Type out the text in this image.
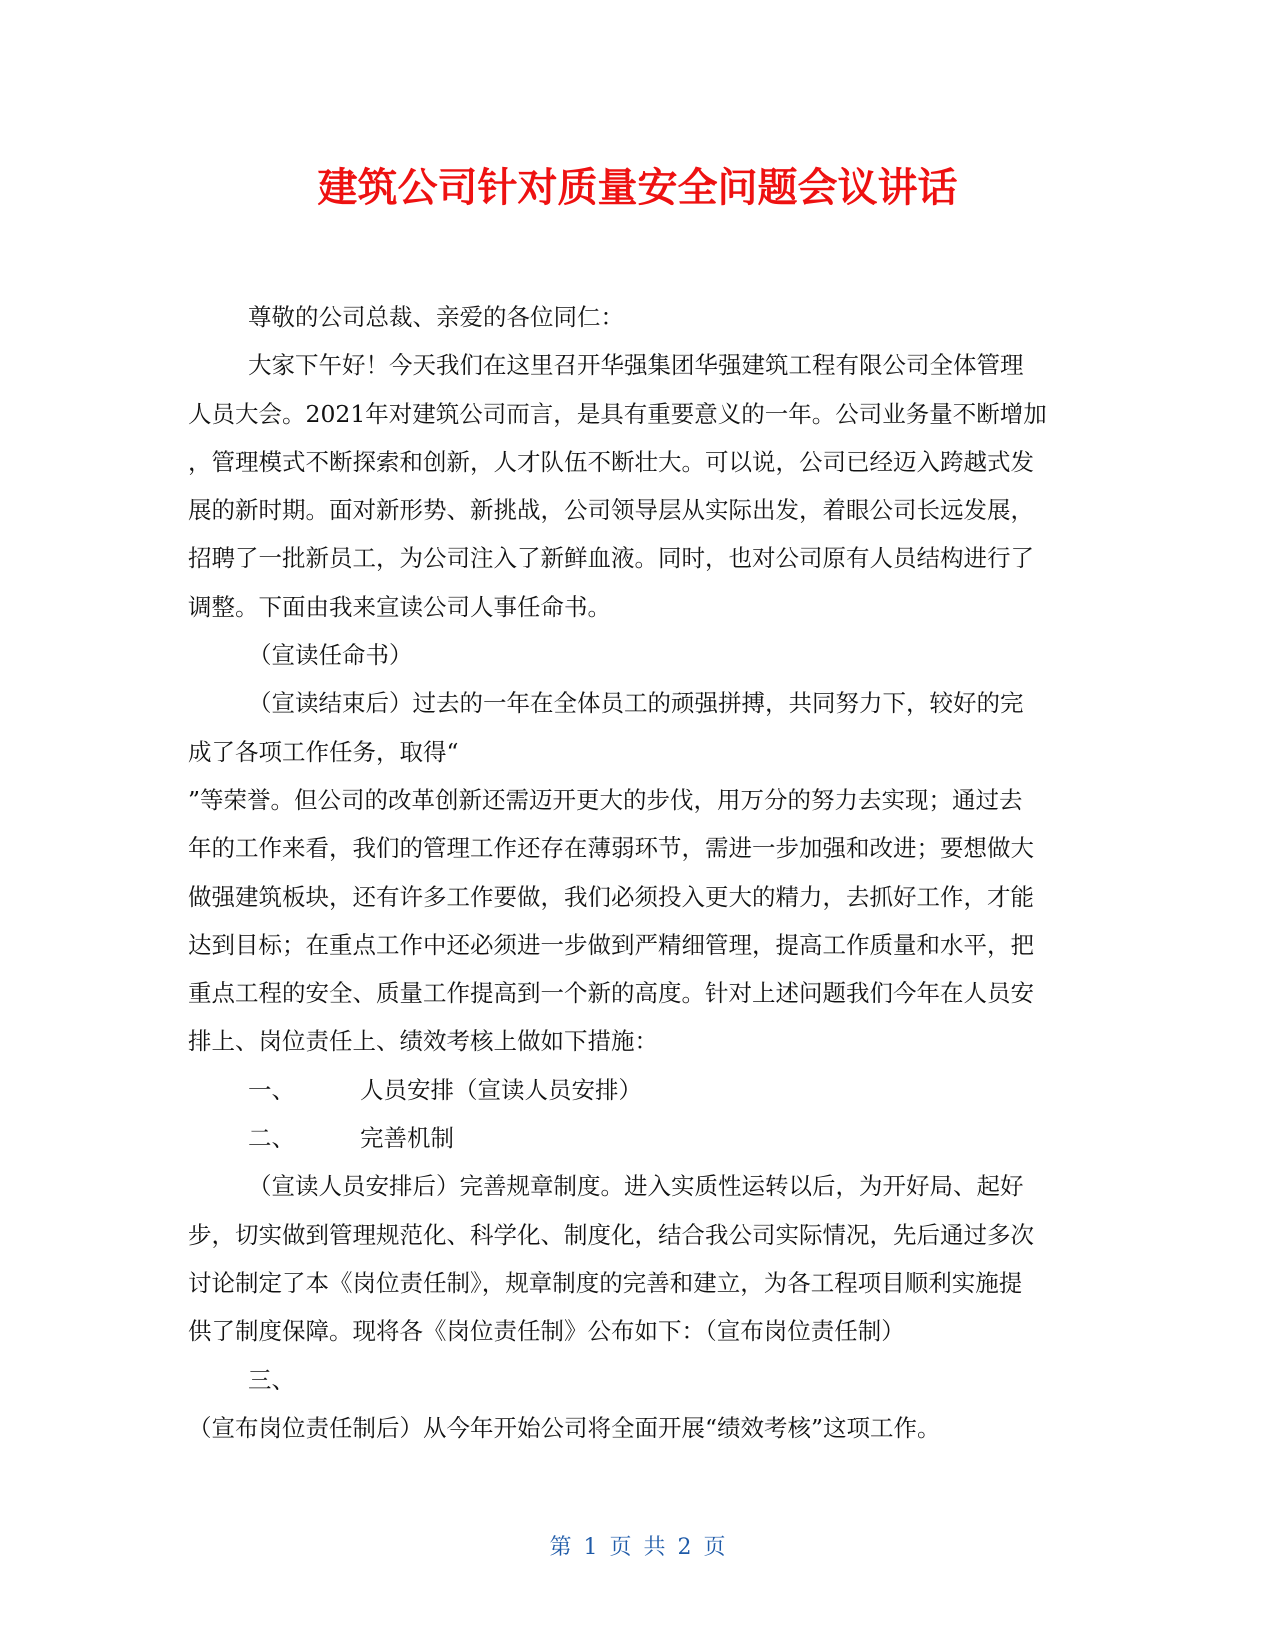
建筑公司针对质量安全问题会议讲话

尊敬的公司总裁、亲爱的各位同仁：

大家下午好！今天我们在这里召开华强集团华强建筑工程有限公司全体管理

人员大会。2021年对建筑公司而言，是具有重要意义的一年。公司业务量不断增加

，管理模式不断探索和创新，人才队伍不断壮大。可以说，公司已经迈入跨越式发

展的新时期。面对新形势、新挑战，公司领导层从实际出发，着眼公司长远发展，

招聘了一批新员工，为公司注入了新鲜血液。同时，也对公司原有人员结构进行了

调整。下面由我来宣读公司人事任命书。

（宣读任命书）

（宣读结束后）过去的一年在全体员工的顽强拼搏，共同努力下，较好的完

成了各项工作任务，取得“

”等荣誉。但公司的改革创新还需迈开更大的步伐，用万分的努力去实现；通过去

年的工作来看，我们的管理工作还存在薄弱环节，需进一步加强和改进；要想做大

做强建筑板块，还有许多工作要做，我们必须投入更大的精力，去抓好工作，才能

达到目标；在重点工作中还必须进一步做到严精细管理，提高工作质量和水平，把

重点工程的安全、质量工作提高到一个新的高度。针对上述问题我们今年在人员安

排上、岗位责任上、绩效考核上做如下措施：

一、	人员安排（宣读人员安排）

二、	完善机制

（宣读人员安排后）完善规章制度。进入实质性运转以后，为开好局、起好

步，切实做到管理规范化、科学化、制度化，结合我公司实际情况，先后通过多次

讨论制定了本《岗位责任制》，规章制度的完善和建立，为各工程项目顺利实施提

供了制度保障。现将各《岗位责任制》公布如下：（宣布岗位责任制）

三、

（宣布岗位责任制后）从今年开始公司将全面开展“绩效考核”这项工作。

第 1 页 共 2 页
